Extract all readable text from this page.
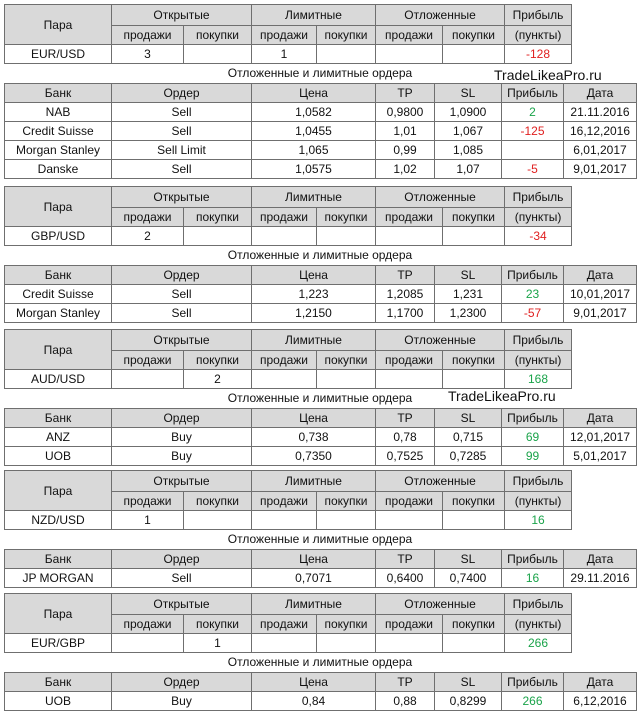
Пара	Открытые		Лимитные		Отложенные		Прибыль	
	продажи	покупки	продажи	покупки	продажи	покупки	(пункты)	
EUR/USD	3		1				-128	
Отложенные и лимитные ордера
Банк	Ордер	Цена	TP	SL	Прибыль	Дата
NAB	Sell	1,0582	0,9800	1,0900	2	21.11.2016
Credit Suisse	Sell	1,0455	1,01	1,067	-125	16,12,2016
Morgan Stanley	Sell Limit	1,065	0,99	1,085		6,01,2017
Danske	Sell	1,0575	1,02	1,07	-5	9,01,2017
TradeLikeaPro.ru
Пара	Открытые		Лимитные		Отложенные		Прибыль	
	продажи	покупки	продажи	покупки	продажи	покупки	(пункты)	
GBP/USD	2						-34	
Отложенные и лимитные ордера
Банк	Ордер	Цена	TP	SL	Прибыль	Дата
Credit Suisse	Sell	1,223	1,2085	1,231	23	10,01,2017
Morgan Stanley	Sell	1,2150	1,1700	1,2300	-57	9,01,2017
Пара	Открытые		Лимитные		Отложенные		Прибыль	
	продажи	покупки	продажи	покупки	продажи	покупки	(пункты)	
AUD/USD		2					168	
Отложенные и лимитные ордера
Банк	Ордер	Цена	TP	SL	Прибыль	Дата
ANZ	Buy	0,738	0,78	0,715	69	12,01,2017
UOB	Buy	0,7350	0,7525	0,7285	99	5,01,2017
TradeLikeaPro.ru
Пара	Открытые		Лимитные		Отложенные		Прибыль	
	продажи	покупки	продажи	покупки	продажи	покупки	(пункты)	
NZD/USD	1						16	
Отложенные и лимитные ордера
Банк	Ордер	Цена	TP	SL	Прибыль	Дата
JP MORGAN	Sell	0,7071	0,6400	0,7400	16	29.11.2016
Пара	Открытые		Лимитные		Отложенные		Прибыль	
	продажи	покупки	продажи	покупки	продажи	покупки	(пункты)	
EUR/GBP		1					266	
Отложенные и лимитные ордера
Банк	Ордер	Цена	TP	SL	Прибыль	Дата
UOB	Buy	0,84	0,88	0,8299	266	6,12,2016
